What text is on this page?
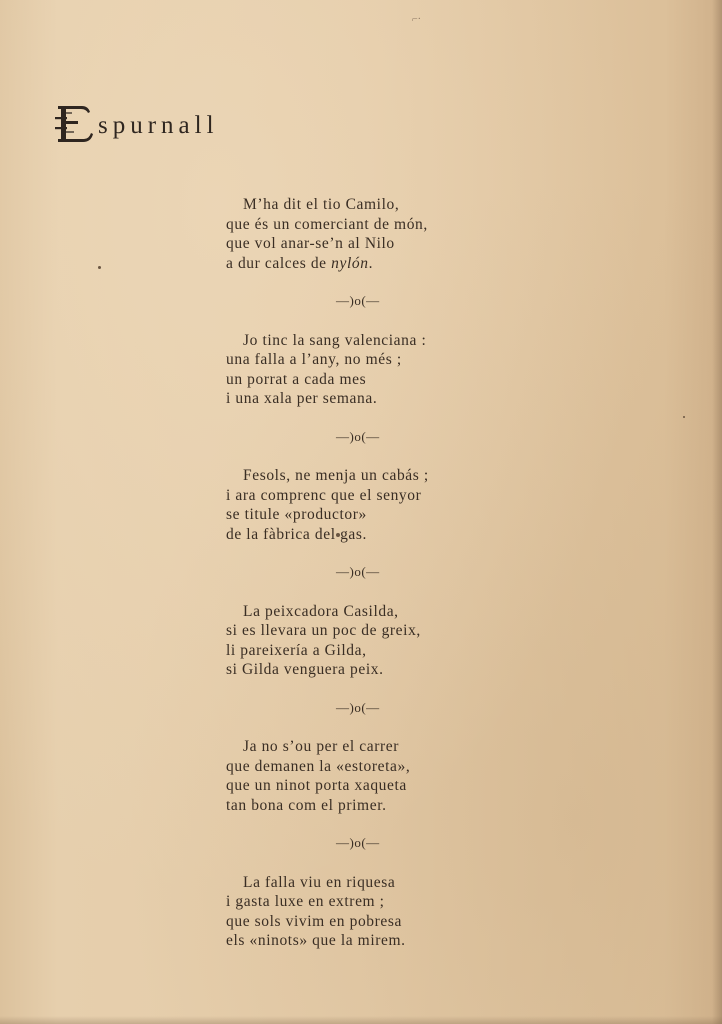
⌐·
E
spurnall
M’ha dit el tio Camilo,
que és un comerciant de món,
que vol anar-se’n al Nilo
a dur calces de nylón.
—)o(—
Jo tinc la sang valenciana :
una falla a l’any, no més ;
un porrat a cada mes
i una xala per semana.
—)o(—
Fesols, ne menja un cabás ;
i ara comprenc que el senyor
se titule «productor»
de la fàbrica del gas.
—)o(—
La peixcadora Casilda,
si es llevara un poc de greix,
li pareixería a Gilda,
si Gilda venguera peix.
—)o(—
Ja no s’ou per el carrer
que demanen la «estoreta»,
que un ninot porta xaqueta
tan bona com el primer.
—)o(—
La falla viu en riquesa
i gasta luxe en extrem ;
que sols vivim en pobresa
els «ninots» que la mirem.
